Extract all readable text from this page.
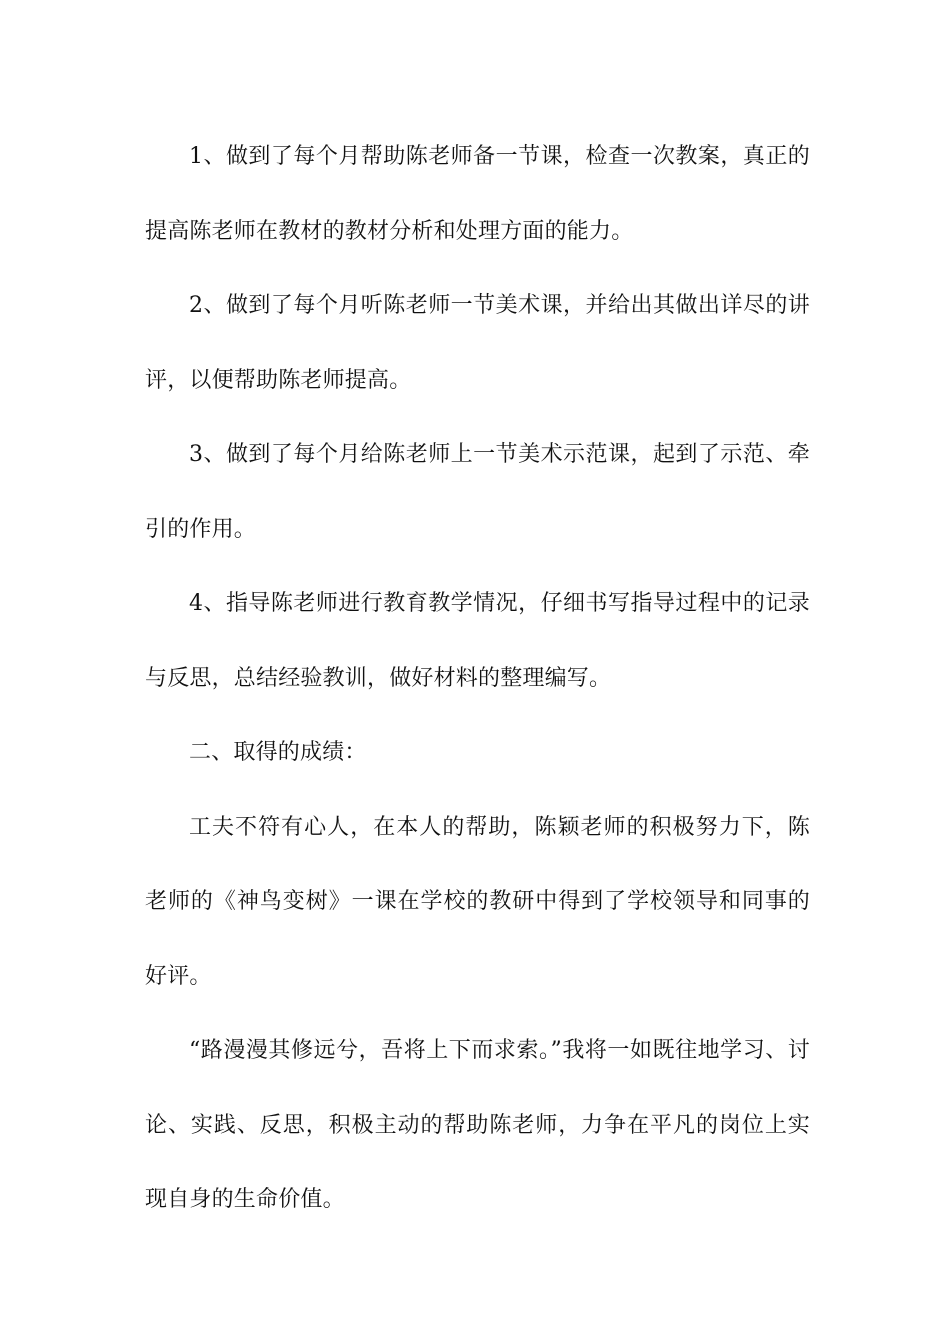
1、做到了每个月帮助陈老师备一节课，检查一次教案，真正的提高陈老师在教材的教材分析和处理方面的能力。

2、做到了每个月听陈老师一节美术课，并给出其做出详尽的讲评，以便帮助陈老师提高。

3、做到了每个月给陈老师上一节美术示范课，起到了示范、牵引的作用。

4、指导陈老师进行教育教学情况，仔细书写指导过程中的记录与反思，总结经验教训，做好材料的整理编写。

二、取得的成绩：

工夫不符有心人，在本人的帮助，陈颖老师的积极努力下，陈老师的《神鸟变树》一课在学校的教研中得到了学校领导和同事的好评。

“路漫漫其修远兮，吾将上下而求索。”我将一如既往地学习、讨论、实践、反思，积极主动的帮助陈老师，力争在平凡的岗位上实现自身的生命价值。
